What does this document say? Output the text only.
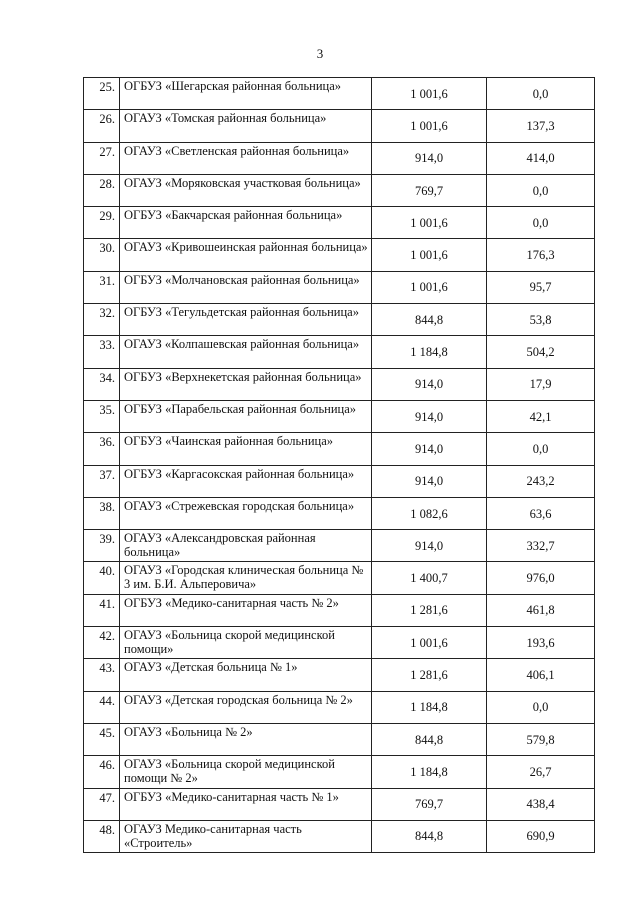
3
25.	ОГБУЗ «Шегарская районная больница»	1 001,6	0,0

26.	ОГАУЗ «Томская районная больница»	1 001,6	137,3

27.	ОГАУЗ «Светленская районная больница»	914,0	414,0

28.	ОГАУЗ «Моряковская участковая больница»	769,7	0,0

29.	ОГБУЗ «Бакчарская районная больница»	1 001,6	0,0

30.	ОГАУЗ «Кривошеинская районная больница»	1 001,6	176,3

31.	ОГБУЗ «Молчановская районная больница»	1 001,6	95,7

32.	ОГБУЗ «Тегульдетская районная больница»	844,8	53,8

33.	ОГАУЗ «Колпашевская районная больница»	1 184,8	504,2

34.	ОГБУЗ «Верхнекетская районная больница»	914,0	17,9

35.	ОГБУЗ «Парабельская районная больница»	914,0	42,1

36.	ОГБУЗ «Чаинская районная больница»	914,0	0,0

37.	ОГБУЗ «Каргасокская районная больница»	914,0	243,2

38.	ОГАУЗ «Стрежевская городская больница»	1 082,6	63,6

39.	ОГАУЗ «Александровская районная больница»	914,0	332,7

40.	ОГАУЗ «Городская клиническая больница № 3 им. Б.И. Альперовича»	1 400,7	976,0

41.	ОГБУЗ «Медико-санитарная часть № 2»	1 281,6	461,8

42.	ОГАУЗ «Больница скорой медицинской помощи»	1 001,6	193,6

43.	ОГАУЗ «Детская больница № 1»	1 281,6	406,1

44.	ОГАУЗ «Детская городская больница № 2»	1 184,8	0,0

45.	ОГАУЗ «Больница № 2»	844,8	579,8

46.	ОГАУЗ «Больница скорой медицинской помощи № 2»	1 184,8	26,7

47.	ОГБУЗ «Медико-санитарная часть № 1»	769,7	438,4

48.	ОГАУЗ Медико-санитарная часть «Строитель»	844,8	690,9
